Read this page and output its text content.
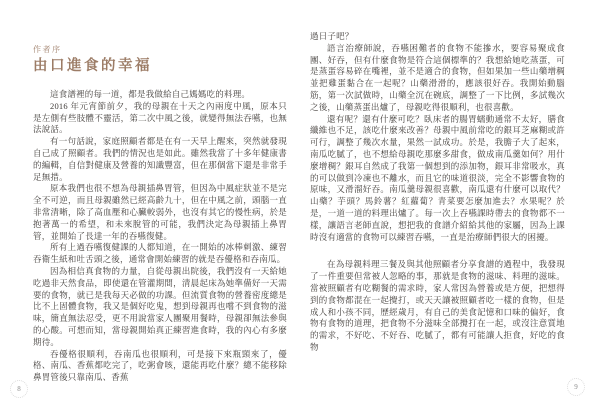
作者序
由口進食的幸福

這食譜裡的每一道，都是我做給自己媽媽吃的料理。

2016 年元宵節前夕，我的母親在十天之內兩度中風，原本只是左側有些肢體不靈活，第二次中風之後，就變得無法吞嚥，也無法說話。

有一句話說，家庭照顧者都是在有一天早上醒來，突然就發現自己成了照顧者。我們的情況也是如此。雖然我當了十多年健康書的編輯，自信對健康及營養的知識豐富，但在那個當下還是非常手足無措。

原本我們也很不想為母親插鼻胃管，但因為中風症狀並不是完全不可逆，而且母親雖然已經高齡九十，但在中風之前，頭腦一直非常清晰，除了高血壓和心臟較弱外，也沒有其它的慢性病，於是抱著萬一的希望，和未來脫管的可能，我們決定為母親插上鼻胃管，並開始了長達一年的吞嚥復健。

所有上過吞嚥復健課的人都知道，在一開始的冰棒刺激、練習吞衛生紙和吐舌頭之後，通常會開始練習的就是吞優格和吞南瓜。

因為相信真食物的力量，自從母親出院後，我們沒有一天給她吃過非天然食品，即使還在管灌期間，清晨起床為她準備好一天需要的食物，就已是我每天必做的功課。但流質食物的營養密度總是比不上固體食物，我又是個好吃鬼，想到母親再也嚐不到食物的滋味，簡直無法忍受，更不用說當家人團聚用餐時，母親卻無法參與的心酸。可想而知，當母親開始真正練習進食時，我的內心有多麼期待。

吞優格很順利，吞南瓜也很順利，可是接下來瓶頸來了，優格、南瓜、香蕉都吃完了，吃粥會咳，還能再吃什麼？總不能移除鼻胃管後只靠南瓜、香蕉

過日子吧？

語言治療師說，吞嚥困難者的食物不能摻水，要容易聚成食團、好吞，但有什麼食物是符合這個標準的？我想給她吃蒸蛋，可是蒸蛋容易碎在嘴裡，並不是適合的食物，但如果加一些山藥增稠並把雞蛋黏合在一起呢？山藥滑滑的，應該很好吞。我開始動腦筋，第一次試做時，山藥全沉在碗底，調整了一下比例，多試幾次之後，山藥蒸蛋出爐了，母親吃得很順利，也很喜歡。

還有呢？還有什麼可吃？臥床者的腸胃蠕動通常不太好，膳食纖維也不足，該吃什麼來改善？母親中風前常吃的銀耳芝麻糊或許可行，調整了幾次水量，果然一試成功。於是，我膽子大了起來，南瓜吃膩了，也不想給母親吃那麼多甜食，做成南瓜羹如何？用什麼增稠？銀耳自然成了我第一個想到的添加物，銀耳非常吸水，真的可以做到冷凍也不離水，而且它的味道很淡，完全不影響食物的原味，又滑溜好吞。南瓜羹母親很喜歡，南瓜還有什麼可以取代？山藥？芋頭？馬鈴薯？紅蘿蔔？青菜要怎麼加進去？水果呢？於是，一道一道的料理出爐了。每一次上吞嚥課時帶去的食物都不一樣，讓語言老師直說，想把我的食譜介紹給其他的家屬，因為上課時沒有適當的食物可以練習吞嚥，一直是治療師們很大的困擾。

在為母親料理三餐及與其他照顧者分享食譜的過程中，我發現了一件重要但常被人忽略的事，那就是食物的滋味、料理的滋味。當被照顧者有吃糊餐的需求時，家人常因為營養或是方便，把想得到的食物都混在一起攪打，或天天讓被照顧者吃一樣的食物，但是成人和小孩不同，歷經歲月，有自己的美食記憶和口味的偏好，食物有食物的道理，把食物不分滋味全部攪打在一起，或沒注意質地的需求，不好吃、不好吞、吃膩了，都有可能讓人拒食，好吃的食物

8	9
